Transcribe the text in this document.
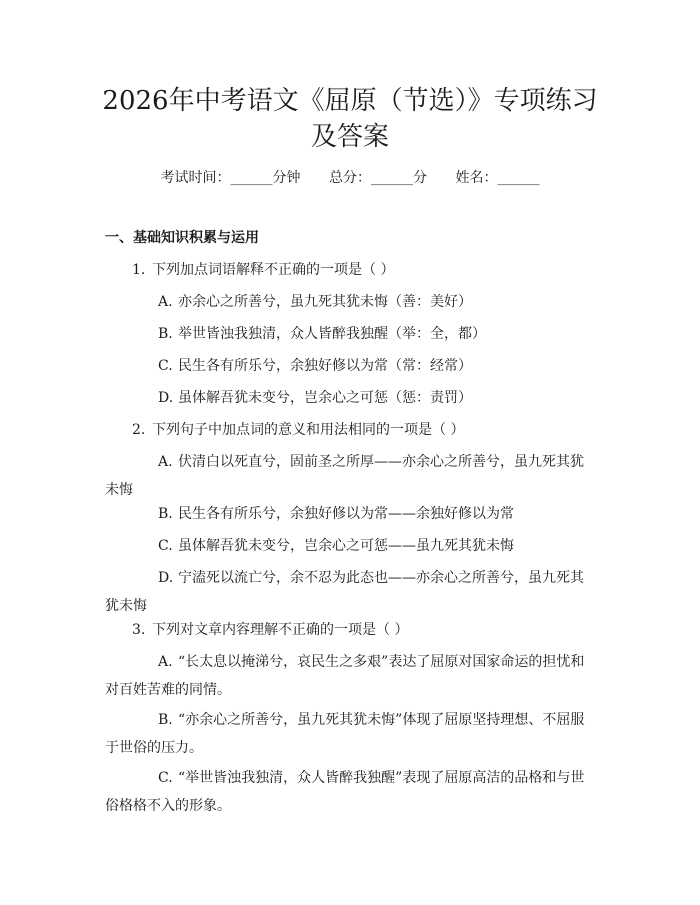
2026年中考语文《屈原（节选）》专项练习
及答案
考试时间：______分钟 总分：______分 姓名：______
一、基础知识积累与运用
1. 下列加点词语解释不正确的一项是（ ）
A. 亦余心之所善兮，虽九死其犹未悔（善：美好）
B. 举世皆浊我独清，众人皆醉我独醒（举：全，都）
C. 民生各有所乐兮，余独好修以为常（常：经常）
D. 虽体解吾犹未变兮，岂余心之可惩（惩：责罚）
2. 下列句子中加点词的意义和用法相同的一项是（ ）

A. 伏清白以死直兮，固前圣之所厚——亦余心之所善兮，虽九死其犹未悔

B. 民生各有所乐兮，余独好修以为常——余独好修以为常
C. 虽体解吾犹未变兮，岂余心之可惩——虽九死其犹未悔

D. 宁溘死以流亡兮，余不忍为此态也——亦余心之所善兮，虽九死其犹未悔

3. 下列对文章内容理解不正确的一项是（ ）

A. “长太息以掩涕兮，哀民生之多艰”表达了屈原对国家命运的担忧和对百姓苦难的同情。

B. “亦余心之所善兮，虽九死其犹未悔”体现了屈原坚持理想、不屈服于世俗的压力。

C. “举世皆浊我独清，众人皆醉我独醒”表现了屈原高洁的品格和与世俗格格不入的形象。
